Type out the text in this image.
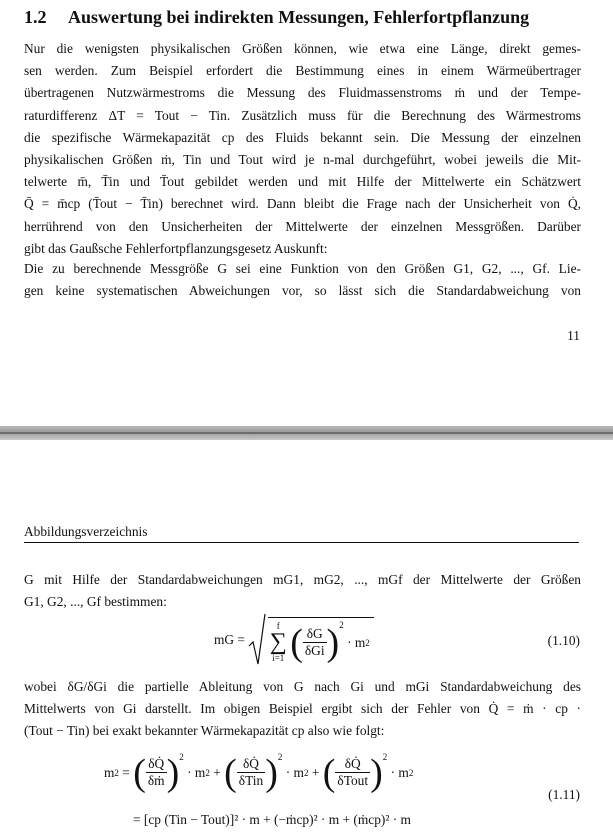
1.2 Auswertung bei indirekten Messungen, Fehlerfortpflanzung

Nur die wenigsten physikalischen Größen können, wie etwa eine Länge, direkt gemes-
sen werden. Zum Beispiel erfordert die Bestimmung eines in einem Wärmeübertrager
übertragenen Nutzwärmestroms die Messung des Fluidmassenstroms ṁ und der Tempe-
raturdifferenz ΔT = Tout − Tin. Zusätzlich muss für die Berechnung des Wärmestroms
die spezifische Wärmekapazität cp des Fluids bekannt sein. Die Messung der einzelnen
physikalischen Größen ṁ, Tin und Tout wird je n-mal durchgeführt, wobei jeweils die Mit-
telwerte m̄, T̄in und T̄out gebildet werden und mit Hilfe der Mittelwerte ein Schätzwert
Q̄ = m̄cp (T̄out − T̄in) berechnet wird. Dann bleibt die Frage nach der Unsicherheit von Q̇,
herrührend von den Unsicherheiten der Mittelwerte der einzelnen Messgrößen. Darüber
gibt das Gaußsche Fehlerfortpflanzungsgesetz Auskunft:

Die zu berechnende Messgröße G sei eine Funktion von den Größen G1, G2, ..., Gf. Lie-
gen keine systematischen Abweichungen vor, so lässt sich die Standardabweichung von

11
Abbildungsverzeichnis

G mit Hilfe der Standardabweichungen mG1, mG2, ..., mGf der Mittelwerte der Größen
G1, G2, ..., Gf bestimmen:

mG =
f
∑
i=1 ( $\frac{\delta G}{\text{δGi}} )^2 \cdot m2$	(1.10)

wobei δG/δGi die partielle Ableitung von G nach Gi und mGi Standardabweichung des
Mittelwerts von Gi darstellt. Im obigen Beispiel ergibt sich der Fehler von Q̇ = ṁ · cp ·
(Tout − Tin) bei exakt bekannter Wärmekapazität cp also wie folgt:

m2 = ( $\frac{\delta Q̇}{\text{δṁ}} )^2 \cdot m2$ + ( $\frac{\delta Q̇}{\text{δTin}} )^2 \cdot m2$ + ( $\frac{\delta Q̇}{\text{δTout}} )^2 \cdot m2$
(1.11)
= [cp (Tin − Tout)]² · m + (−ṁcp)² · m + (ṁcp)² · m
